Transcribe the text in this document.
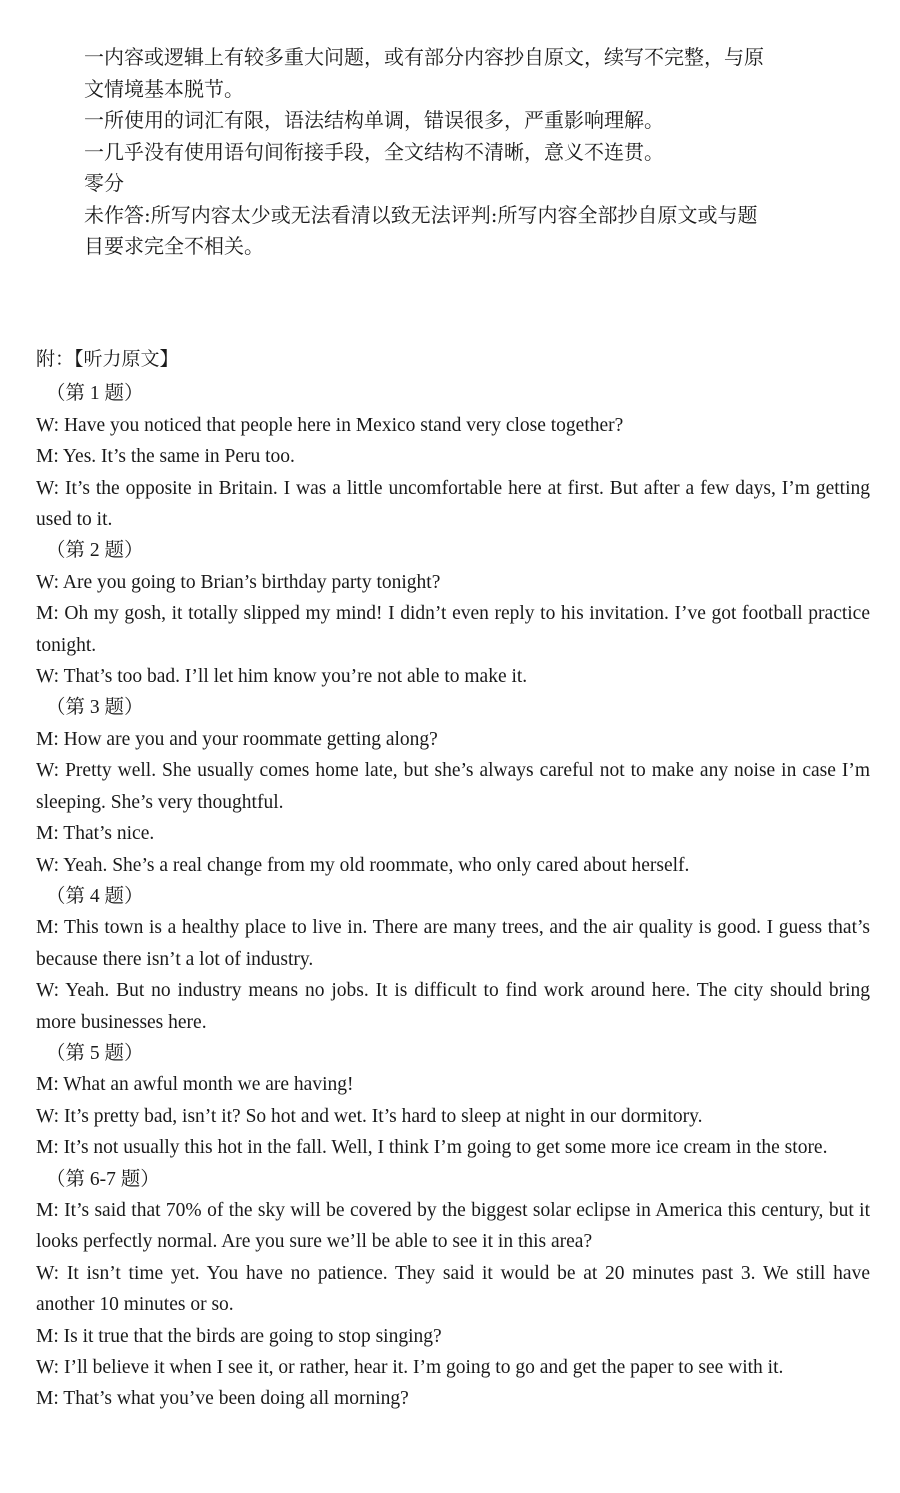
一内容或逻辑上有较多重大问题，或有部分内容抄自原文，续写不完整，与原

文情境基本脱节。

一所使用的词汇有限，语法结构单调，错误很多，严重影响理解。

一几乎没有使用语句间衔接手段，全文结构不清晰，意义不连贯。

零分

未作答:所写内容太少或无法看清以致无法评判:所写内容全部抄自原文或与题

目要求完全不相关。

附：【听力原文】

（第 1 题）

W: Have you noticed that people here in Mexico stand very close together?

M: Yes. It’s the same in Peru too.

W: It’s the opposite in Britain. I was a little uncomfortable here at first. But after a few days, I’m getting used to it.

（第 2 题）

W: Are you going to Brian’s birthday party tonight?

M: Oh my gosh, it totally slipped my mind! I didn’t even reply to his invitation. I’ve got football practice tonight.

W: That’s too bad. I’ll let him know you’re not able to make it.

（第 3 题）

M: How are you and your roommate getting along?

W: Pretty well. She usually comes home late, but she’s always careful not to make any noise in case I’m sleeping. She’s very thoughtful.

M: That’s nice.

W: Yeah. She’s a real change from my old roommate, who only cared about herself.

（第 4 题）

M: This town is a healthy place to live in. There are many trees, and the air quality is good. I guess that’s because there isn’t a lot of industry.

W: Yeah. But no industry means no jobs. It is difficult to find work around here. The city should bring more businesses here.

（第 5 题）

M: What an awful month we are having!

W: It’s pretty bad, isn’t it? So hot and wet. It’s hard to sleep at night in our dormitory.

M: It’s not usually this hot in the fall. Well, I think I’m going to get some more ice cream in the store.

（第 6-7 题）

M: It’s said that 70% of the sky will be covered by the biggest solar eclipse in America this century, but it looks perfectly normal. Are you sure we’ll be able to see it in this area?

W: It isn’t time yet. You have no patience. They said it would be at 20 minutes past 3. We still have another 10 minutes or so.

M: Is it true that the birds are going to stop singing?

W: I’ll believe it when I see it, or rather, hear it. I’m going to go and get the paper to see with it.

M: That’s what you’ve been doing all morning?
